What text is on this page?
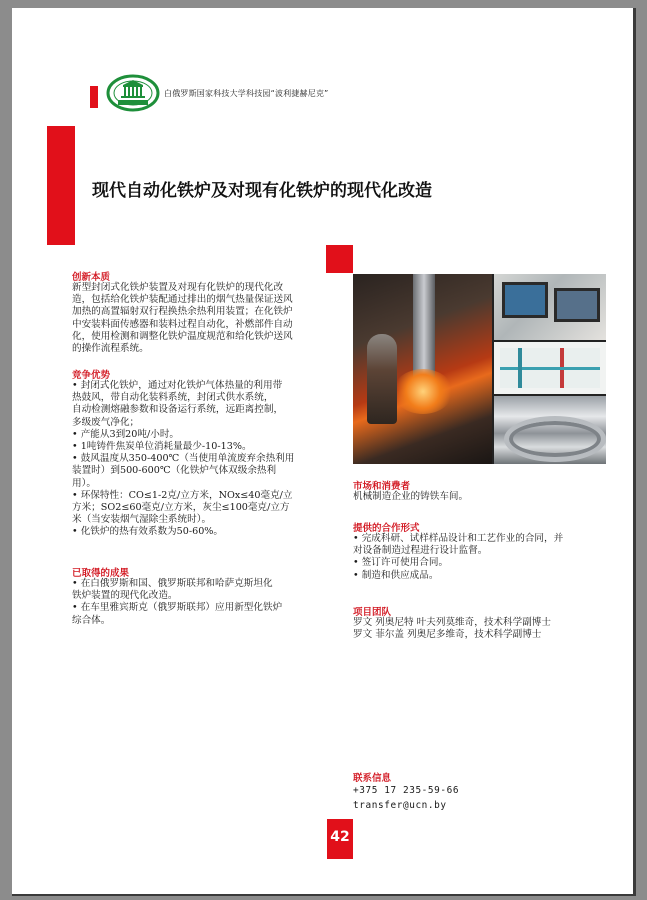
白俄罗斯国家科技大学科技园“波利捷赫尼克”
现代自动化铁炉及对现有化铁炉的现代化改造
创新本质
新型封闭式化铁炉装置及对现有化铁炉的现代化改
造，包括给化铁炉装配通过排出的烟气热量保证送风
加热的高置辐射双行程换热余热利用装置；在化铁炉
中安装料面传感器和装料过程自动化，补燃部件自动
化，使用检测和调整化铁炉温度规范和给化铁炉送风
的操作流程系统。
竞争优势
• 封闭式化铁炉，通过对化铁炉气体热量的利用带
热鼓风，带自动化装料系统，封闭式供水系统，
自动检测熔融参数和设备运行系统，远距离控制，
多级废气净化；
• 产能从3到20吨/小时。
• 1吨铸件焦炭单位消耗量最少-10-13%。
• 鼓风温度从350-400℃（当使用单流废弃余热利用
装置时）到500-600℃（化铁炉气体双级余热利
用）。
• 环保特性：CO≤1-2克/立方米，NOx≤40毫克/立
方米；SO2≤60毫克/立方米，灰尘≤100毫克/立方
米（当安装烟气湿除尘系统时）。
• 化铁炉的热有效系数为50-60%。
已取得的成果
• 在白俄罗斯和国、俄罗斯联邦和哈萨克斯坦化
铁炉装置的现代化改造。
• 在车里雅宾斯克（俄罗斯联邦）应用新型化铁炉
综合体。
市场和消费者
机械制造企业的铸铁车间。
提供的合作形式
• 完成科研、试样样品设计和工艺作业的合同，并
对设备制造过程进行设计监督。
• 签订许可使用合同。
• 制造和供应成品。
项目团队
罗文 列奥尼特 叶夫列莫维奇，技术科学副博士
罗文 菲尔盖 列奥尼多维奇，技术科学副博士
联系信息
+375 17 235-59-66
transfer@ucn.by
42
